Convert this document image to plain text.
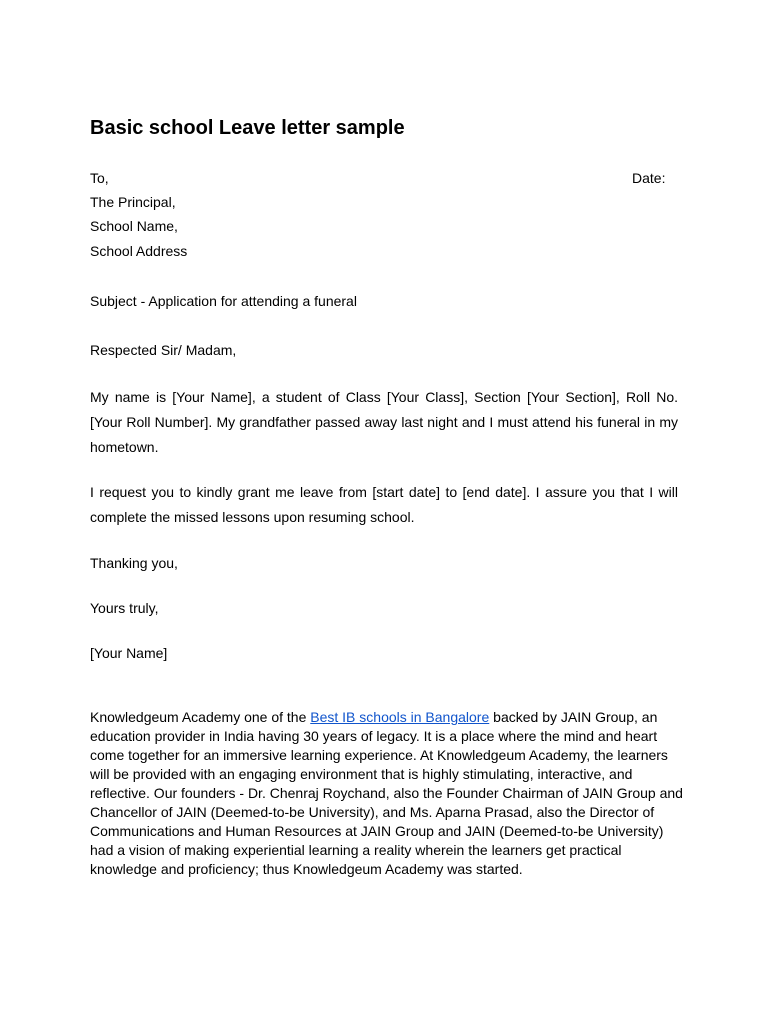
Basic school Leave letter sample

To,	Date:

The Principal,

School Name,

School Address

Subject - Application for attending a funeral

Respected Sir/ Madam,

My name is [Your Name], a student of Class [Your Class], Section [Your Section], Roll No. [Your Roll Number]. My grandfather passed away last night and I must attend his funeral in my hometown.

I request you to kindly grant me leave from [start date] to [end date]. I assure you that I will complete the missed lessons upon resuming school.

Thanking you,

Yours truly,

[Your Name]

Knowledgeum Academy one of the Best IB schools in Bangalore backed by JAIN Group, an education provider in India having 30 years of legacy. It is a place where the mind and heart come together for an immersive learning experience. At Knowledgeum Academy, the learners will be provided with an engaging environment that is highly stimulating, interactive, and reflective. Our founders - Dr. Chenraj Roychand, also the Founder Chairman of JAIN Group and Chancellor of JAIN (Deemed-to-be University), and Ms. Aparna Prasad, also the Director of Communications and Human Resources at JAIN Group and JAIN (Deemed-to-be University) had a vision of making experiential learning a reality wherein the learners get practical knowledge and proficiency; thus Knowledgeum Academy was started.
